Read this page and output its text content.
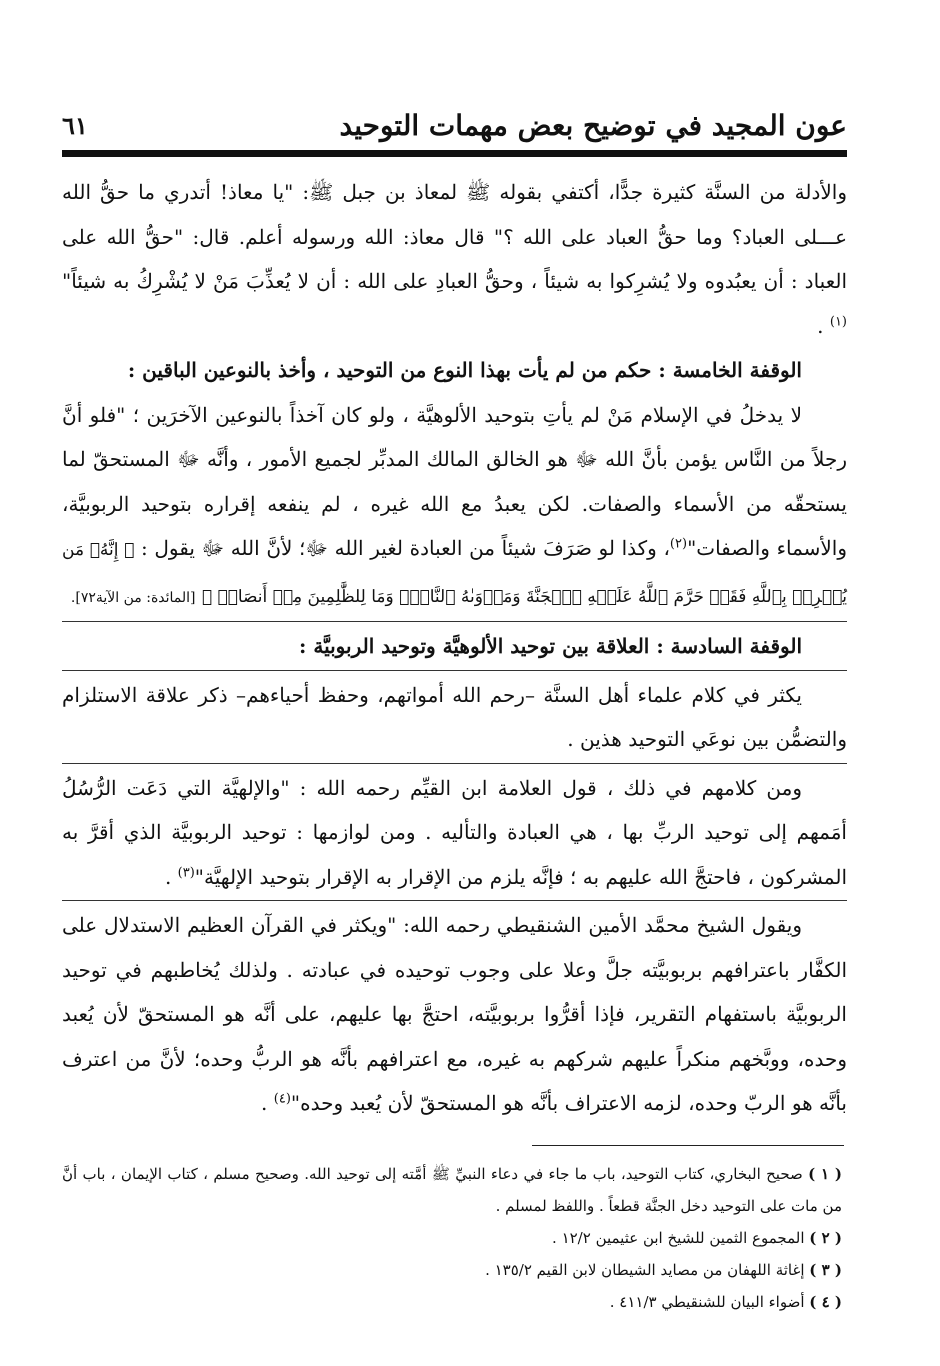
عون المجيد في توضيح بعض مهمات التوحيد
٦١

والأدلة من السنَّة كثيرة جدًّا، أكتفي بقوله ﷺ لمعاذ بن جبل ﷺ: "يا معاذ! أتدري ما حقُّ الله عـــلى العباد؟ وما حقُّ العباد على الله ؟" قال معاذ: الله ورسوله أعلم. قال: "حقُّ الله على العباد : أن يعبُدوه ولا يُشرِكوا به شيئاً ، وحقُّ العبادِ على الله : أن لا يُعذِّبَ مَنْ لا يُشْرِكُ به شيئاً"$^{(١)}$ .

الوقفة الخامسة : حكم من لم يأت بهذا النوع من التوحيد ، وأخذ بالنوعين الباقين :

لا يدخلُ في الإسلام مَنْ لم يأتِ بتوحيد الألوهيَّة ، ولو كان آخذاً بالنوعين الآخرَين ؛ "فلو أنَّ رجلاً من النَّاس يؤمن بأنَّ الله ﷻ هو الخالق المالك المدبِّر لجميع الأمور ، وأنَّه ﷻ المستحقّ لما يستحقّه من الأسماء والصفات. لكن يعبدُ مع الله غيره ، لم ينفعه إقراره بتوحيد الربوبيَّة، والأسماء والصفات"$^{(٢)}$، وكذا لو صَرَفَ شيئاً من العبادة لغير الله ﷻ؛ لأنَّ الله ﷻ يقول : ﴿ إِنَّهُۥ مَن يُشۡرِكۡ بِٱللَّهِ فَقَدۡ حَرَّمَ ٱللَّهُ عَلَيۡهِ ٱلۡجَنَّةَ وَمَأۡوَىٰهُ ٱلنَّارُۖ وَمَا لِلظَّٰلِمِينَ مِنۡ أَنصَارٖ ﴾ [المائدة: من الآية٧٢].

الوقفة السادسة : العلاقة بين توحيد الألوهيَّة وتوحيد الربوبيَّة :

يكثر في كلام علماء أهل السنَّة –رحم الله أمواتهم، وحفظ أحياءهم– ذكر علاقة الاستلزام والتضمُّن بين نوعَي التوحيد هذين .

ومن كلامهم في ذلك ، قول العلامة ابن القيِّم رحمه الله : "والإلهيَّة التي دَعَت الرُّسُلُ أمَمهم إلى توحيد الربِّ بها ، هي العبادة والتأليه . ومن لوازمها : توحيد الربوبيَّة الذي أقرَّ به المشركون ، فاحتجَّ الله عليهم به ؛ فإنَّه يلزم من الإقرار به الإقرار بتوحيد الإلهيَّة"$^{(٣)}$ .

ويقول الشيخ محمَّد الأمين الشنقيطي رحمه الله: "ويكثر في القرآن العظيم الاستدلال على الكفَّار باعترافهم بربوبيَّته جلَّ وعلا على وجوب توحيده في عبادته . ولذلك يُخاطبهم في توحيد الربوبيَّة باستفهام التقرير، فإذا أقرُّوا بربوبيَّته، احتجَّ بها عليهم، على أنَّه هو المستحقّ لأن يُعبد وحده، ووبَّخهم منكراً عليهم شركهم به غيره، مع اعترافهم بأنَّه هو الربُّ وحده؛ لأنَّ من اعترف بأنَّه هو الربّ وحده، لزمه الاعتراف بأنَّه هو المستحقّ لأن يُعبد وحده"$^{(٤)}$ .

( ١ ) صحيح البخاري، كتاب التوحيد، باب ما جاء في دعاء النبيِّ ﷺ أمَّته إلى توحيد الله. وصحيح مسلم ، كتاب الإيمان ، باب أنَّ من مات على التوحيد دخل الجنَّة قطعاً . واللفظ لمسلم .

( ٢ ) المجموع الثمين للشيخ ابن عثيمين ١٢/٢ .

( ٣ ) إغاثة اللهفان من مصايد الشيطان لابن القيم ١٣٥/٢ .

( ٤ ) أضواء البيان للشنقيطي ٤١١/٣ .
